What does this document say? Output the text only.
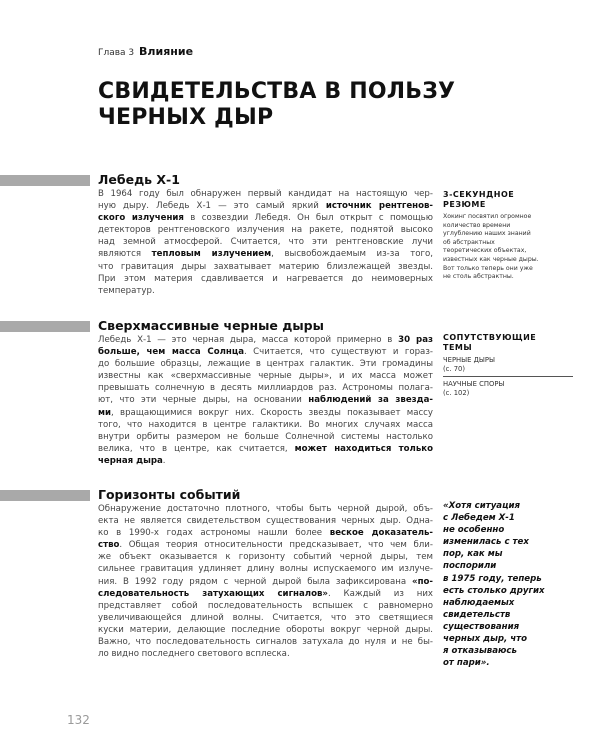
Глава 3 Влияние
СВИДЕТЕЛЬСТВА В ПОЛЬЗУ
ЧЕРНЫХ ДЫР
Лебедь Х-1
В 1964 году был обнаружен первый кандидат на настоящую чер-
ную дыру. Лебедь Х-1 — это самый яркий источник рентгенов-
ского излучения в созвездии Лебедя. Он был открыт с помощью
детекторов рентгеновского излучения на ракете, поднятой высоко
над земной атмосферой. Считается, что эти рентгеновские лучи
являются тепловым излучением, высвобождаемым из-за того,
что гравитация дыры захватывает материю близлежащей звезды.
При этом материя сдавливается и нагревается до неимоверных
температур.
Сверхмассивные черные дыры
Лебедь Х-1 — это черная дыра, масса которой примерно в 30 раз
больше, чем масса Солнца. Считается, что существуют и горaз-
до большие образцы, лежащие в центрах галактик. Эти громадины
известны как «сверхмассивные черные дыры», и их масса может
превышать солнечную в десять миллиардов раз. Астрономы полага-
ют, что эти черные дыры, на основании наблюдений за звезда-
ми, вращающимися вокруг них. Скорость звезды показывает массу
того, что находится в центре галактики. Во многих случаях масса
внутри орбиты размером не больше Солнечной системы настолько
велика, что в центре, как считается, может находиться только
черная дыра.
Горизонты событий
Обнаружение достаточно плотного, чтобы быть черной дырой, объ-
екта не является свидетельством существования черных дыр. Одна-
ко в 1990-х годах астрономы нашли более веское доказатель-
ство. Общая теория относительности предсказывает, что чем бли-
же объект оказывается к горизонту событий черной дыры, тем
сильнее гравитация удлиняет длину волны испускаемого им излуче-
ния. В 1992 году рядом с черной дырой была зафиксирована «по-
следовательность затухающих сигналов». Каждый из них
представляет собой последовательность вспышек с равномерно
увеличивающейся длиной волны. Считается, что это светящиеся
куски материи, делающие последние обороты вокруг черной дыры.
Важно, что последовательность сигналов затухала до нуля и не бы-
ло видно последнего светового всплеска.
3-СЕКУНДНОЕ
РЕЗЮМЕ
Хокинг посвятил огромное
количество времени
углублению наших знаний
об абстрактных
теоретических объектах,
известных как черные дыры.
Вот только теперь они уже
не столь абстрактны.
СОПУТСТВУЮЩИЕ
ТЕМЫ
ЧЕРНЫЕ ДЫРЫ
(с. 70)
НАУЧНЫЕ СПОРЫ
(с. 102)
«Хотя ситуация
с Лебедем Х-1
не особенно
изменилась с тех
пор, как мы
поспорили
в 1975 году, теперь
есть столько других
наблюдаемых
свидетельств
существования
черных дыр, что
я отказываюсь
от пари».
132
